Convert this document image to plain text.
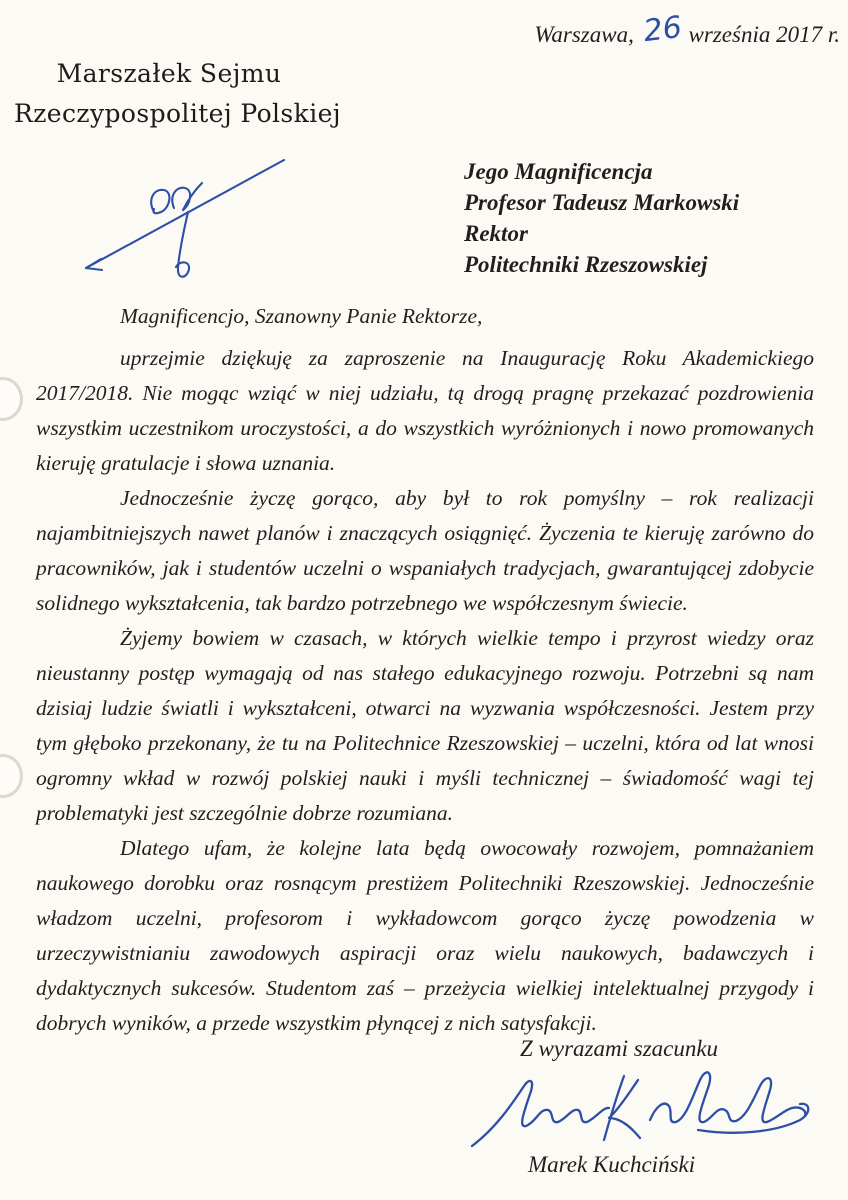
Warszawa, 26 września 2017 r.
Marszałek Sejmu
Rzeczypospolitej Polskiej
Jego Magnificencja
Profesor Tadeusz Markowski
Rektor
Politechniki Rzeszowskiej

Magnificencjo, Szanowny Panie Rektorze,

uprzejmie dziękuję za zaproszenie na Inaugurację Roku Akademickiego 2017/2018. Nie mogąc wziąć w niej udziału, tą drogą pragnę przekazać pozdrowienia wszystkim uczestnikom uroczystości, a do wszystkich wyróżnionych i nowo promowanych kieruję gratulacje i słowa uznania.

Jednocześnie życzę gorąco, aby był to rok pomyślny – rok realizacji najambitniejszych nawet planów i znaczących osiągnięć. Życzenia te kieruję zarówno do pracowników, jak i studentów uczelni o wspaniałych tradycjach, gwarantującej zdobycie solidnego wykształcenia, tak bardzo potrzebnego we współczesnym świecie.

Żyjemy bowiem w czasach, w których wielkie tempo i przyrost wiedzy oraz nieustanny postęp wymagają od nas stałego edukacyjnego rozwoju. Potrzebni są nam dzisiaj ludzie światli i wykształceni, otwarci na wyzwania współczesności. Jestem przy tym głęboko przekonany, że tu na Politechnice Rzeszowskiej – uczelni, która od lat wnosi ogromny wkład w rozwój polskiej nauki i myśli technicznej – świadomość wagi tej problematyki jest szczególnie dobrze rozumiana.

Dlatego ufam, że kolejne lata będą owocowały rozwojem, pomnażaniem naukowego dorobku oraz rosnącym prestiżem Politechniki Rzeszowskiej. Jednocześnie władzom uczelni, profesorom i wykładowcom gorąco życzę powodzenia w urzeczywistnianiu zawodowych aspiracji oraz wielu naukowych, badawczych i dydaktycznych sukcesów. Studentom zaś – przeżycia wielkiej intelektualnej przygody i dobrych wyników, a przede wszystkim płynącej z nich satysfakcji.

Z wyrazami szacunku
Marek Kuchciński
